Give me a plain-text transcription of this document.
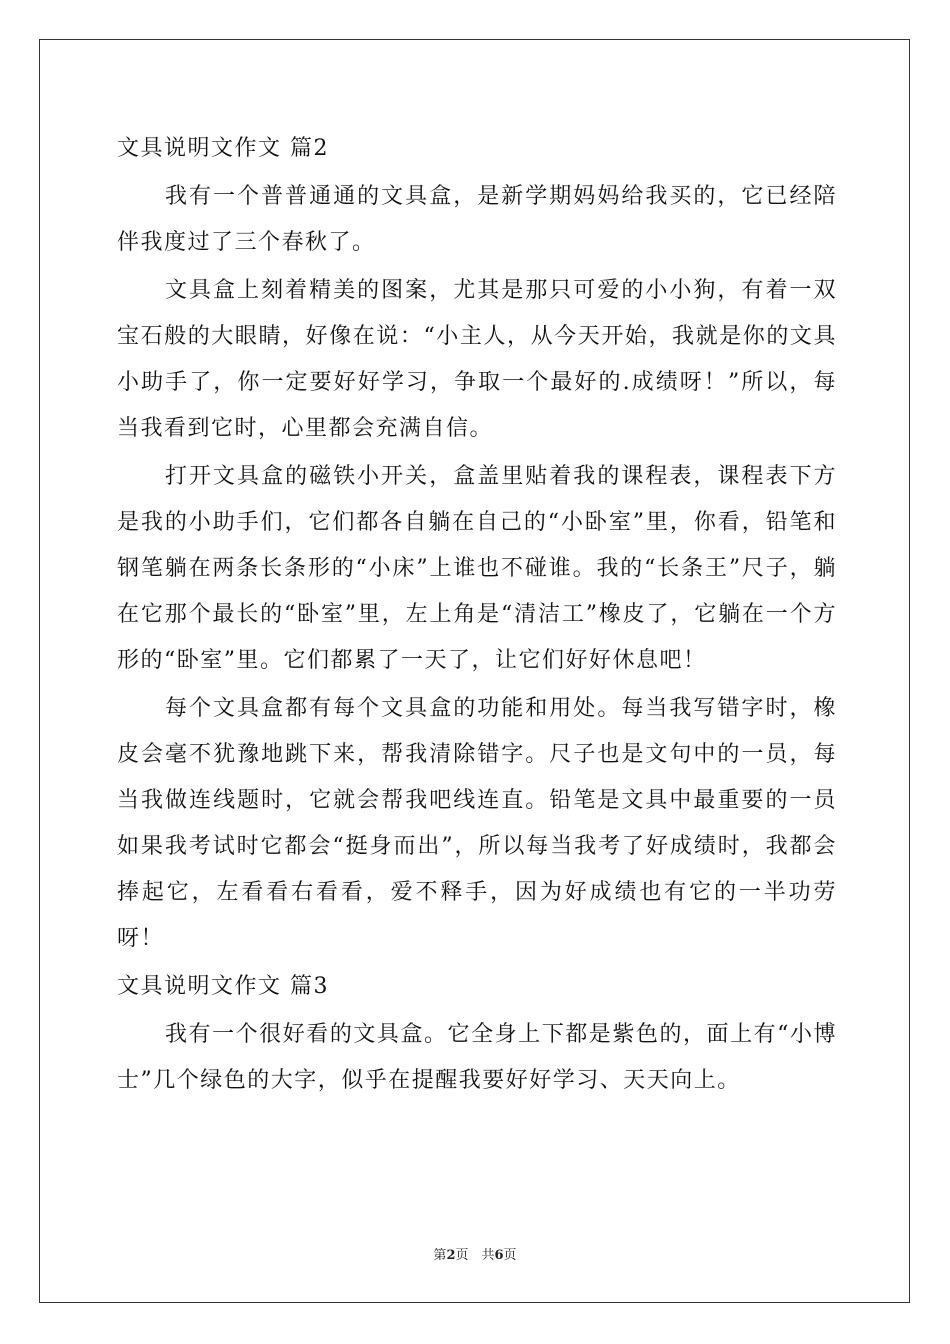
文具说明文作文 篇2

我有一个普普通通的文具盒，是新学期妈妈给我买的，它已经陪伴我度过了三个春秋了。

文具盒上刻着精美的图案，尤其是那只可爱的小小狗，有着一双宝石般的大眼睛，好像在说：“小主人，从今天开始，我就是你的文具小助手了，你一定要好好学习，争取一个最好的.成绩呀！”所以，每当我看到它时，心里都会充满自信。

打开文具盒的磁铁小开关，盒盖里贴着我的课程表，课程表下方是我的小助手们，它们都各自躺在自己的“小卧室”里，你看，铅笔和钢笔躺在两条长条形的“小床”上谁也不碰谁。我的“长条王”尺子，躺在它那个最长的“卧室”里，左上角是“清洁工”橡皮了，它躺在一个方形的“卧室”里。它们都累了一天了，让它们好好休息吧！

每个文具盒都有每个文具盒的功能和用处。每当我写错字时，橡皮会毫不犹豫地跳下来，帮我清除错字。尺子也是文句中的一员，每当我做连线题时，它就会帮我吧线连直。铅笔是文具中最重要的一员如果我考试时它都会“挺身而出”，所以每当我考了好成绩时，我都会捧起它，左看看右看看，爱不释手，因为好成绩也有它的一半功劳呀！

文具说明文作文 篇3

我有一个很好看的文具盒。它全身上下都是紫色的，面上有“小博士”几个绿色的大字，似乎在提醒我要好好学习、天天向上。

第2页　共6页
